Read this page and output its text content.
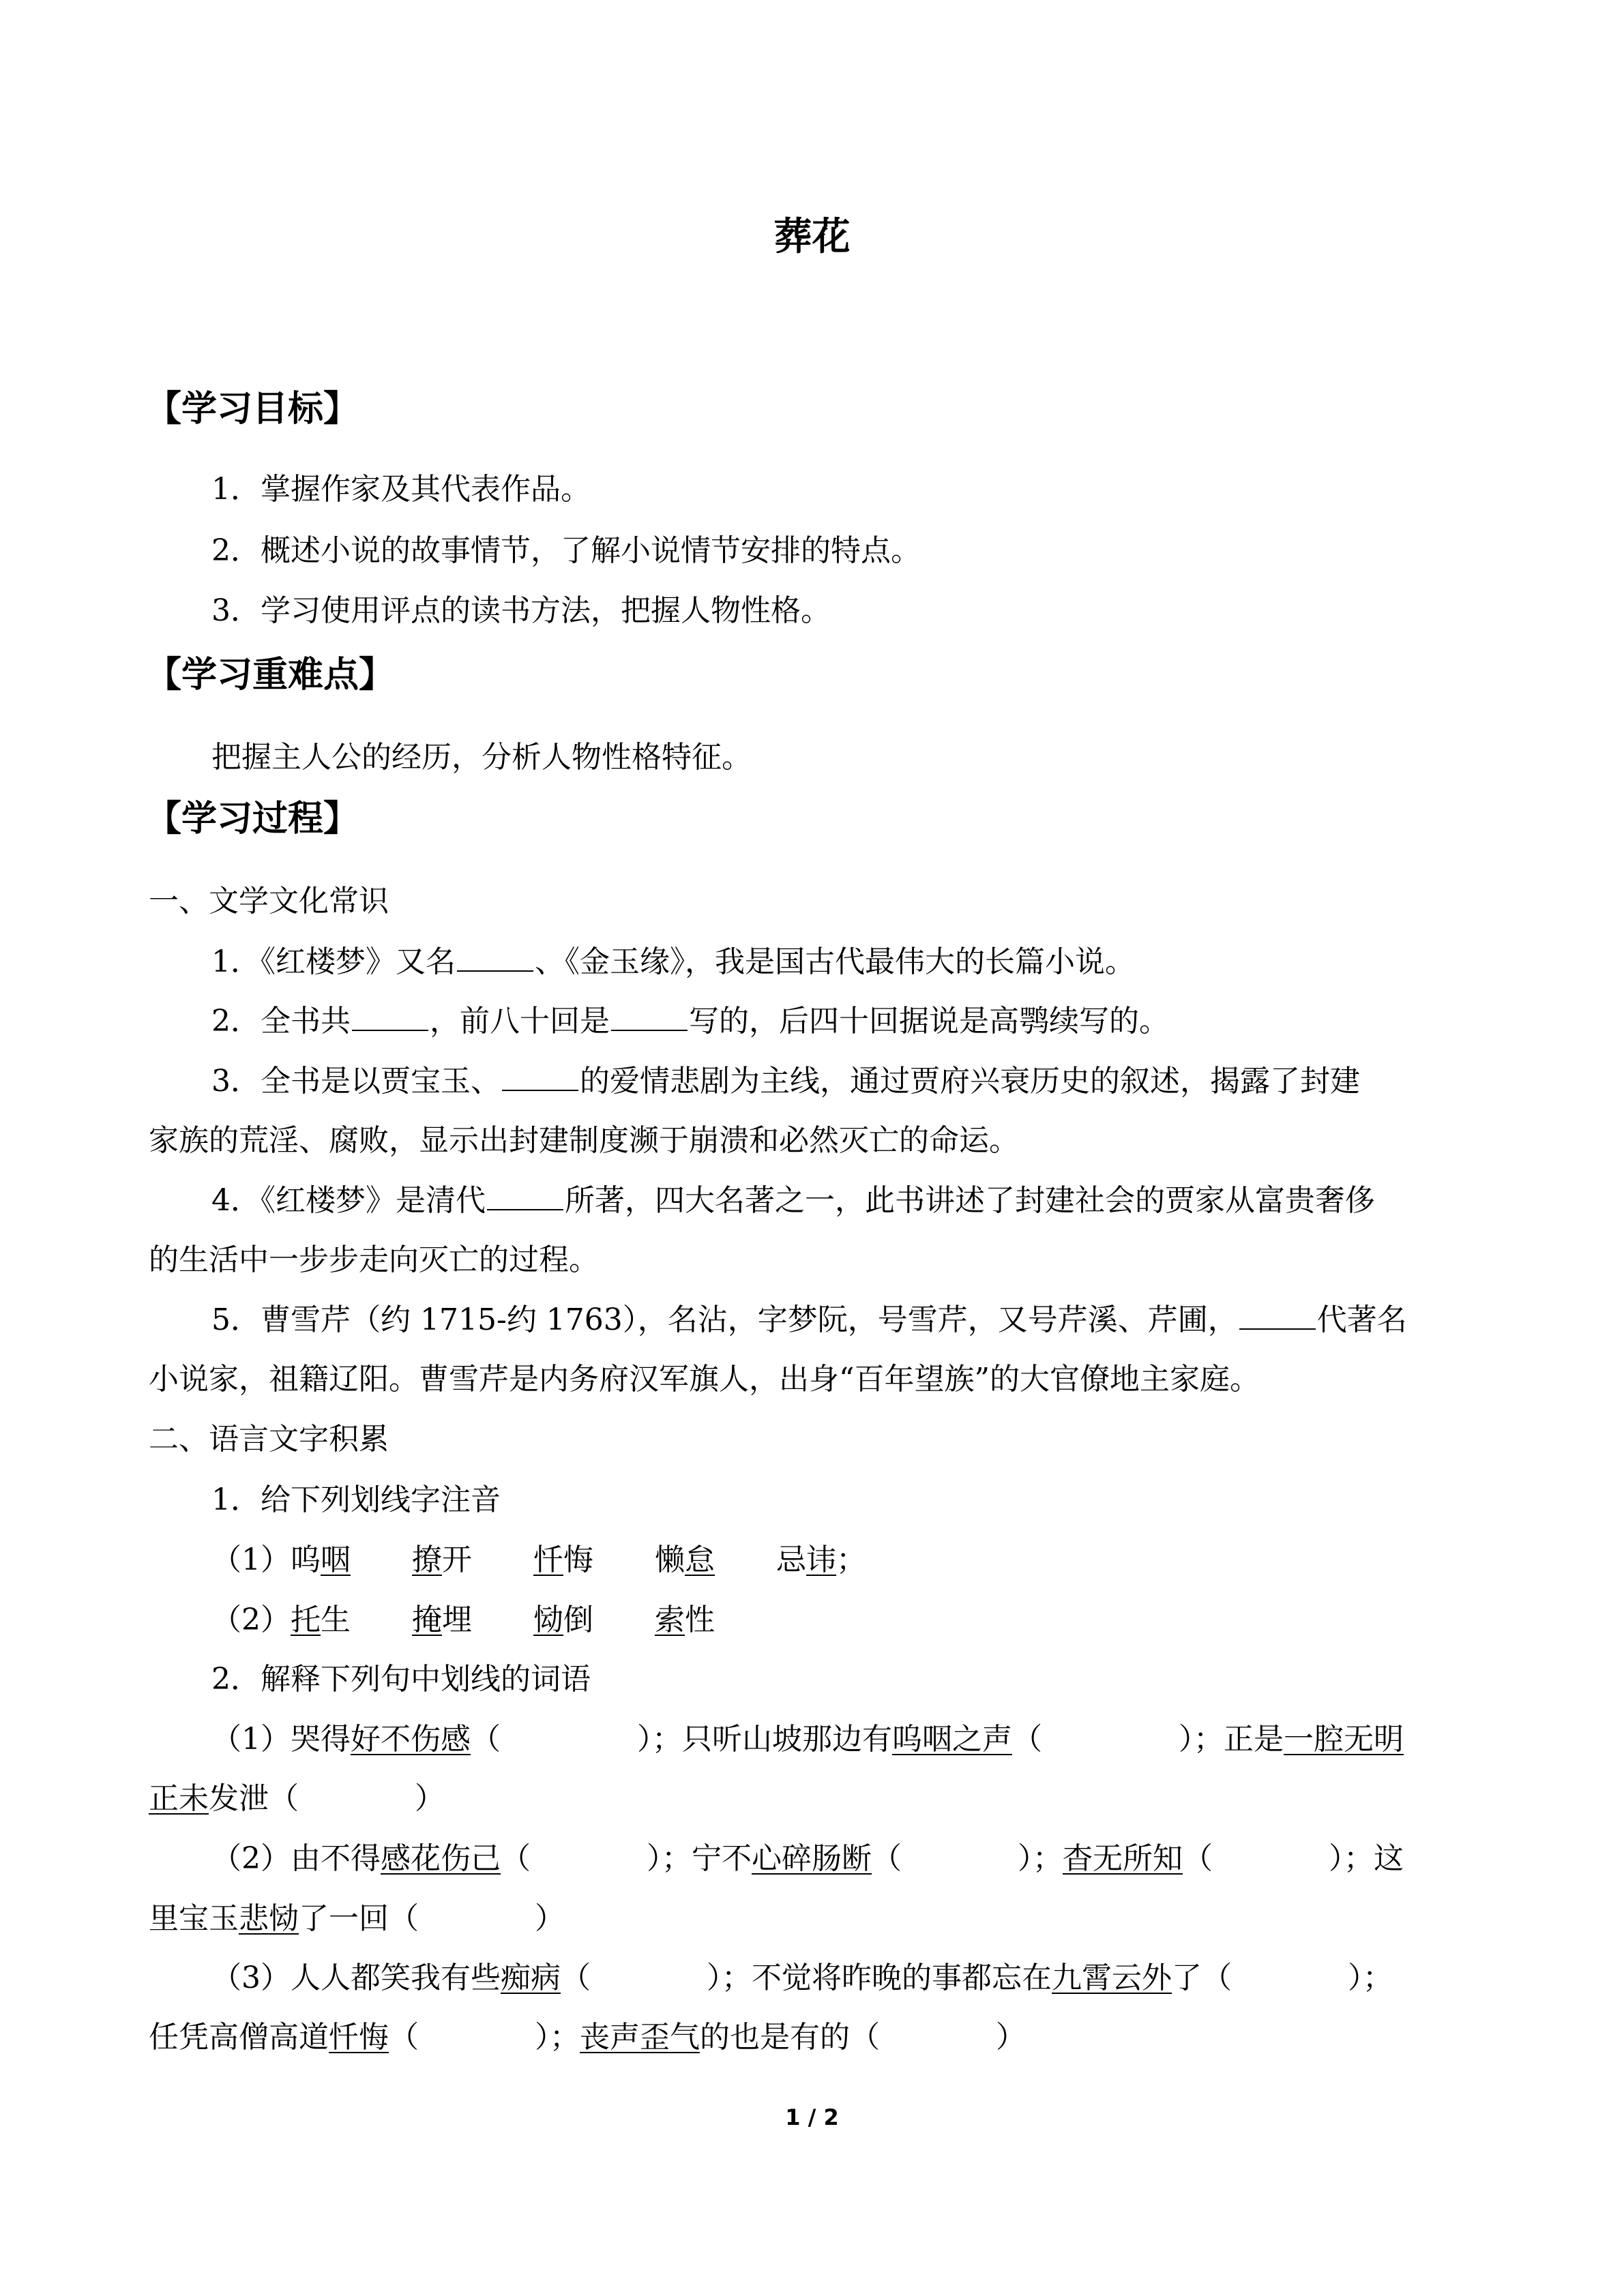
葬花

【学习目标】

1．掌握作家及其代表作品。

2．概述小说的故事情节，了解小说情节安排的特点。

3．学习使用评点的读书方法，把握人物性格。

【学习重难点】

把握主人公的经历，分析人物性格特征。

【学习过程】

一、文学文化常识

1．《红楼梦》又名	、《金玉缘》，我是国古代最伟大的长篇小说。

2．全书共	，前八十回是	写的，后四十回据说是高鹗续写的。

3．全书是以贾宝玉、	的爱情悲剧为主线，通过贾府兴衰历史的叙述，揭露了封建

家族的荒淫、腐败，显示出封建制度濒于崩溃和必然灭亡的命运。

4．《红楼梦》是清代	所著，四大名著之一，此书讲述了封建社会的贾家从富贵奢侈

的生活中一步步走向灭亡的过程。

5．曹雪芹（约 1715-约 1763），名沾，字梦阮，号雪芹，又号芹溪、芹圃，	代著名

小说家，祖籍辽阳。曹雪芹是内务府汉军旗人，出身“百年望族”的大官僚地主家庭。

二、语言文字积累

1．给下列划线字注音

（1）呜咽 撩开 忏悔 懒怠 忌讳；

（2）托生 掩埋 恸倒 索性

2．解释下列句中划线的词语

（1）哭得好不伤感（	）；只听山坡那边有呜咽之声（	）；正是一腔无明

正未发泄（	）

（2）由不得感花伤己（	）；宁不心碎肠断（	）；杳无所知（	）；这

里宝玉悲恸了一回（	）

（3）人人都笑我有些痴病（	）；不觉将昨晚的事都忘在九霄云外了（	）；

任凭高僧高道忏悔（	）；丧声歪气的也是有的（	）

1 / 2
